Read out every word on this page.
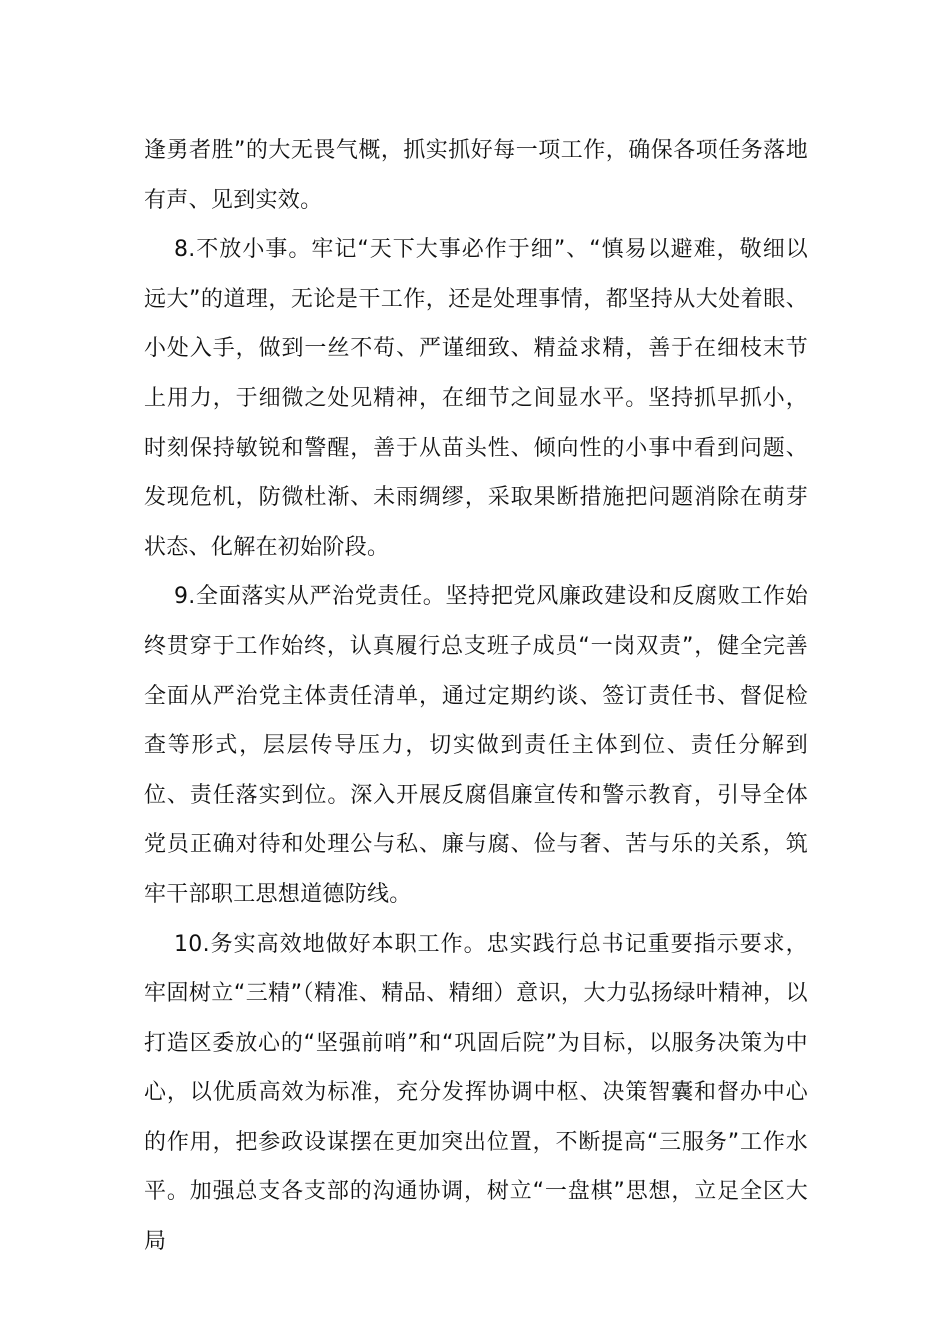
逢勇者胜”的大无畏气概，抓实抓好每一项工作，确保各项任务落地有声、见到实效。

8.不放小事。牢记“天下大事必作于细”、“慎易以避难，敬细以远大”的道理，无论是干工作，还是处理事情，都坚持从大处着眼、小处入手，做到一丝不苟、严谨细致、精益求精，善于在细枝末节上用力，于细微之处见精神，在细节之间显水平。坚持抓早抓小，时刻保持敏锐和警醒，善于从苗头性、倾向性的小事中看到问题、发现危机，防微杜渐、未雨绸缪，采取果断措施把问题消除在萌芽状态、化解在初始阶段。

9.全面落实从严治党责任。坚持把党风廉政建设和反腐败工作始终贯穿于工作始终，认真履行总支班子成员“一岗双责”，健全完善全面从严治党主体责任清单，通过定期约谈、签订责任书、督促检查等形式，层层传导压力，切实做到责任主体到位、责任分解到位、责任落实到位。深入开展反腐倡廉宣传和警示教育，引导全体党员正确对待和处理公与私、廉与腐、俭与奢、苦与乐的关系，筑牢干部职工思想道德防线。

10.务实高效地做好本职工作。忠实践行总书记重要指示要求，牢固树立“三精”（精准、精品、精细）意识，大力弘扬绿叶精神，以打造区委放心的“坚强前哨”和“巩固后院”为目标，以服务决策为中心，以优质高效为标准，充分发挥协调中枢、决策智囊和督办中心的作用，把参政设谋摆在更加突出位置，不断提高“三服务”工作水平。加强总支各支部的沟通协调，树立“一盘棋”思想，立足全区大局
